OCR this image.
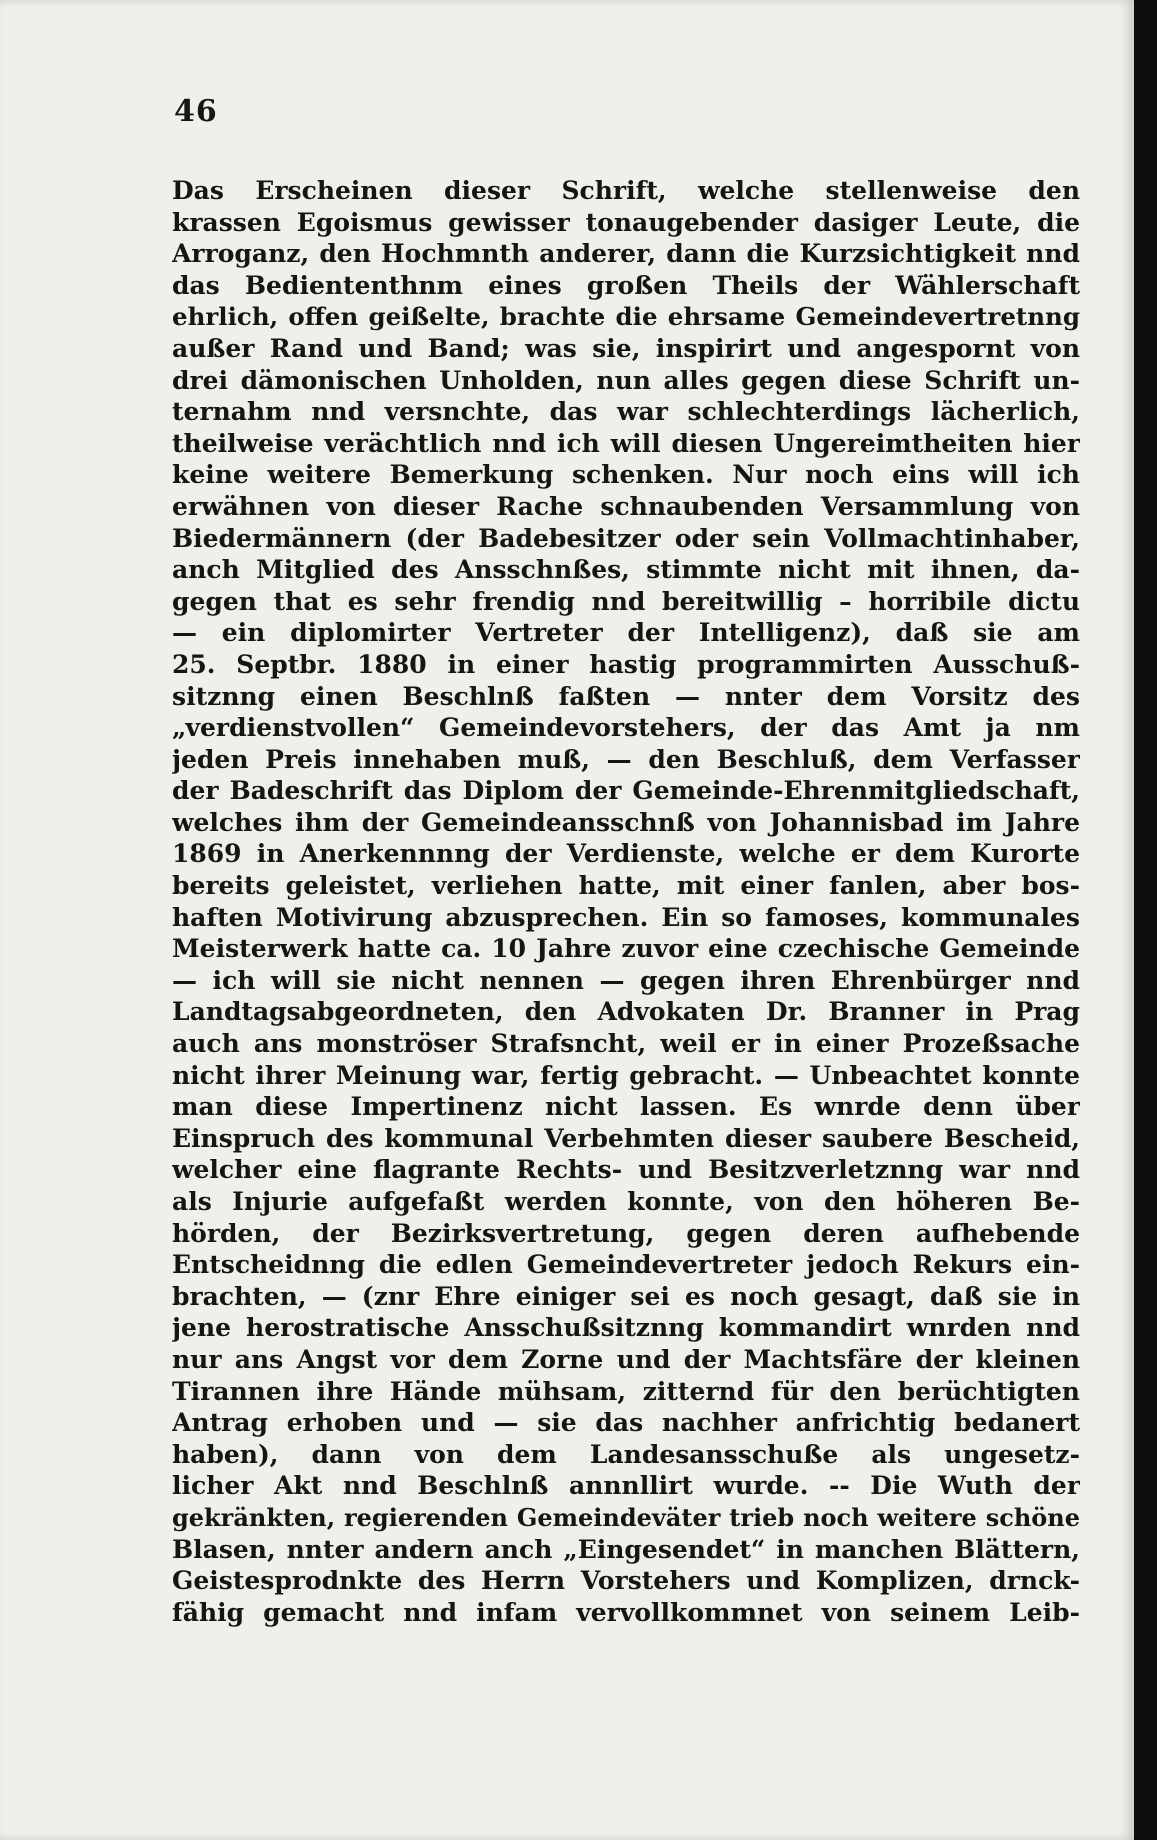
46
Das Erscheinen dieser Schrift, welche stellenweise den
krassen Egoismus gewisser tonaugebender dasiger Leute, die
Arroganz, den Hochmnth anderer, dann die Kurzsichtigkeit nnd
das Bediententhnm eines großen Theils der Wählerschaft
ehrlich, offen geißelte, brachte die ehrsame Gemeindevertretnng
außer Rand und Band; was sie, inspirirt und angespornt von
drei dämonischen Unholden, nun alles gegen diese Schrift un-
ternahm nnd versnchte, das war schlechterdings lächerlich,
theilweise verächtlich nnd ich will diesen Ungereimtheiten hier
keine weitere Bemerkung schenken. Nur noch eins will ich
erwähnen von dieser Rache schnaubenden Versammlung von
Biedermännern (der Badebesitzer oder sein Vollmachtinhaber,
anch Mitglied des Ansschnßes, stimmte nicht mit ihnen, da-
gegen that es sehr frendig nnd bereitwillig – horribile dictu
— ein diplomirter Vertreter der Intelligenz), daß sie am
25. Septbr. 1880 in einer hastig programmirten Ausschuß-
sitznng einen Beschlnß faßten — nnter dem Vorsitz des
„verdienstvollen“ Gemeindevorstehers, der das Amt ja nm
jeden Preis innehaben muß, — den Beschluß, dem Verfasser
der Badeschrift das Diplom der Gemeinde-Ehrenmitgliedschaft,
welches ihm der Gemeindeansschnß von Johannisbad im Jahre
1869 in Anerkennnng der Verdienste, welche er dem Kurorte
bereits geleistet, verliehen hatte, mit einer fanlen, aber bos-
haften Motivirung abzusprechen. Ein so famoses, kommunales
Meisterwerk hatte ca. 10 Jahre zuvor eine czechische Gemeinde
— ich will sie nicht nennen — gegen ihren Ehrenbürger nnd
Landtagsabgeordneten, den Advokaten Dr. Branner in Prag
auch ans monströser Strafsncht, weil er in einer Prozeßsache
nicht ihrer Meinung war, fertig gebracht. — Unbeachtet konnte
man diese Impertinenz nicht lassen. Es wnrde denn über
Einspruch des kommunal Verbehmten dieser saubere Bescheid,
welcher eine flagrante Rechts- und Besitzverletznng war nnd
als Injurie aufgefaßt werden konnte, von den höheren Be-
hörden, der Bezirksvertretung, gegen deren aufhebende
Entscheidnng die edlen Gemeindevertreter jedoch Rekurs ein-
brachten, — (znr Ehre einiger sei es noch gesagt, daß sie in
jene herostratische Ansschußsitznng kommandirt wnrden nnd
nur ans Angst vor dem Zorne und der Machtsfäre der kleinen
Tirannen ihre Hände mühsam, zitternd für den berüchtigten
Antrag erhoben und — sie das nachher anfrichtig bedanert
haben), dann von dem Landesansschuße als ungesetz-
licher Akt nnd Beschlnß annnllirt wurde. -- Die Wuth der
gekränkten, regierenden Gemeindeväter trieb noch weitere schöne
Blasen, nnter andern anch „Eingesendet“ in manchen Blättern,
Geistesprodnkte des Herrn Vorstehers und Komplizen, drnck-
fähig gemacht nnd infam vervollkommnet von seinem Leib-
